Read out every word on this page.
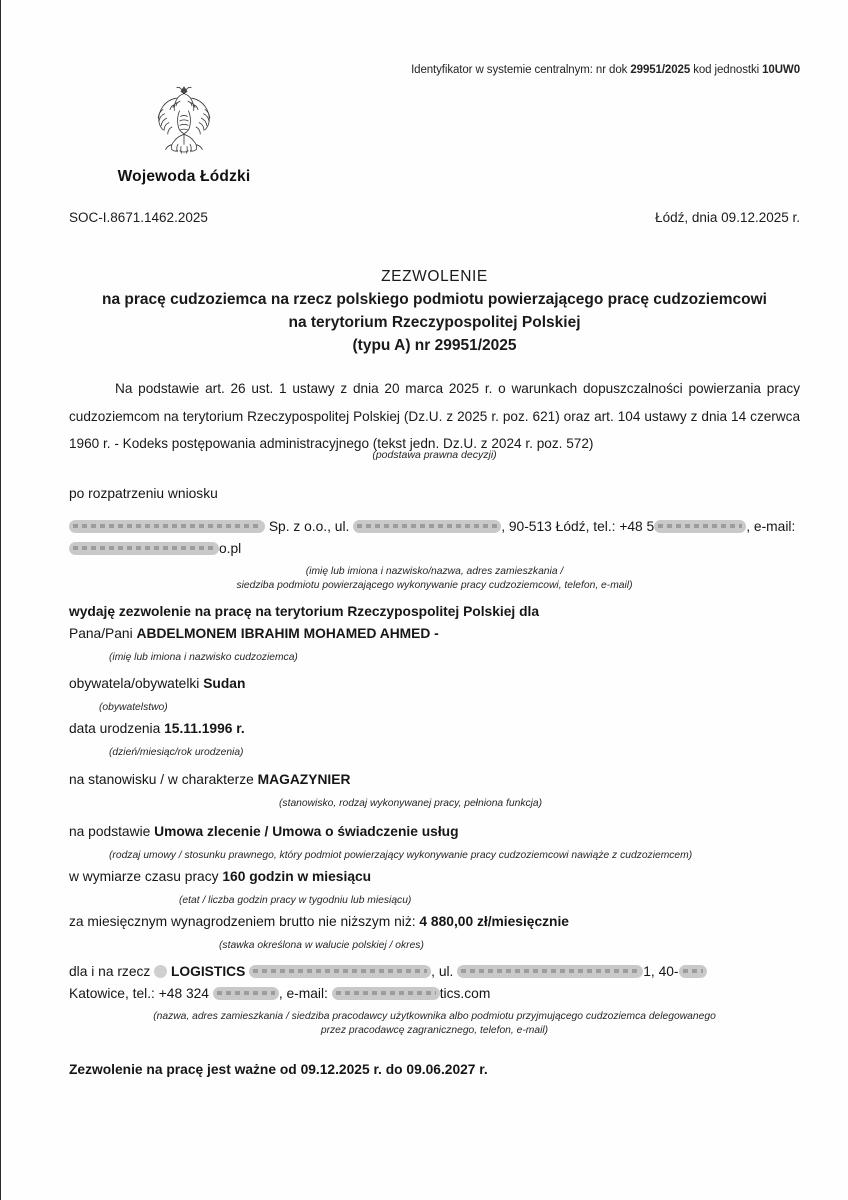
Identyfikator w systemie centralnym: nr dok 29951/2025 kod jednostki 10UW0
Wojewoda Łódzki
SOC-I.8671.1462.2025	Łódź, dnia 09.12.2025 r.
ZEZWOLENIE
na pracę cudzoziemca na rzecz polskiego podmiotu powierzającego pracę cudzoziemcowi
na terytorium Rzeczypospolitej Polskiej
(typu A) nr 29951/2025
Na podstawie art. 26 ust. 1 ustawy z dnia 20 marca 2025 r. o warunkach dopuszczalności powierzania pracy cudzoziemcom na terytorium Rzeczypospolitej Polskiej (Dz.U. z 2025 r. poz. 621) oraz art. 104 ustawy z dnia 14 czerwca 1960 r. - Kodeks postępowania administracyjnego (tekst jedn. Dz.U. z 2024 r. poz. 572)
(podstawa prawna decyzji)
po rozpatrzeniu wniosku
Sp. z o.o., ul.	, 90-513 Łódź, tel.: +48 5	, e-mail:
o.pl
(imię lub imiona i nazwisko/nazwa, adres zamieszkania /
siedziba podmiotu powierzającego wykonywanie pracy cudzoziemcowi, telefon, e-mail)
wydaję zezwolenie na pracę na terytorium Rzeczypospolitej Polskiej dla
Pana/Pani ABDELMONEM IBRAHIM MOHAMED AHMED -
(imię lub imiona i nazwisko cudzoziemca)
obywatela/obywatelki Sudan
(obywatelstwo)
data urodzenia 15.11.1996 r.
(dzień/miesiąc/rok urodzenia)
na stanowisku / w charakterze MAGAZYNIER
(stanowisko, rodzaj wykonywanej pracy, pełniona funkcja)
na podstawie Umowa zlecenie / Umowa o świadczenie usług
(rodzaj umowy / stosunku prawnego, który podmiot powierzający wykonywanie pracy cudzoziemcowi nawiąże z cudzoziemcem)
w wymiarze czasu pracy 160 godzin w miesiącu
(etat / liczba godzin pracy w tygodniu lub miesiącu)
za miesięcznym wynagrodzeniem brutto nie niższym niż: 4 880,00 zł/miesięcznie
(stawka określona w walucie polskiej / okres)
dla i na rzecz  LOGISTICS	, ul.	1, 40-
Katowice, tel.: +48 324	, e-mail:	tics.com
(nazwa, adres zamieszkania / siedziba pracodawcy użytkownika albo podmiotu przyjmującego cudzoziemca delegowanego
przez pracodawcę zagranicznego, telefon, e-mail)
Zezwolenie na pracę jest ważne od 09.12.2025 r. do 09.06.2027 r.
